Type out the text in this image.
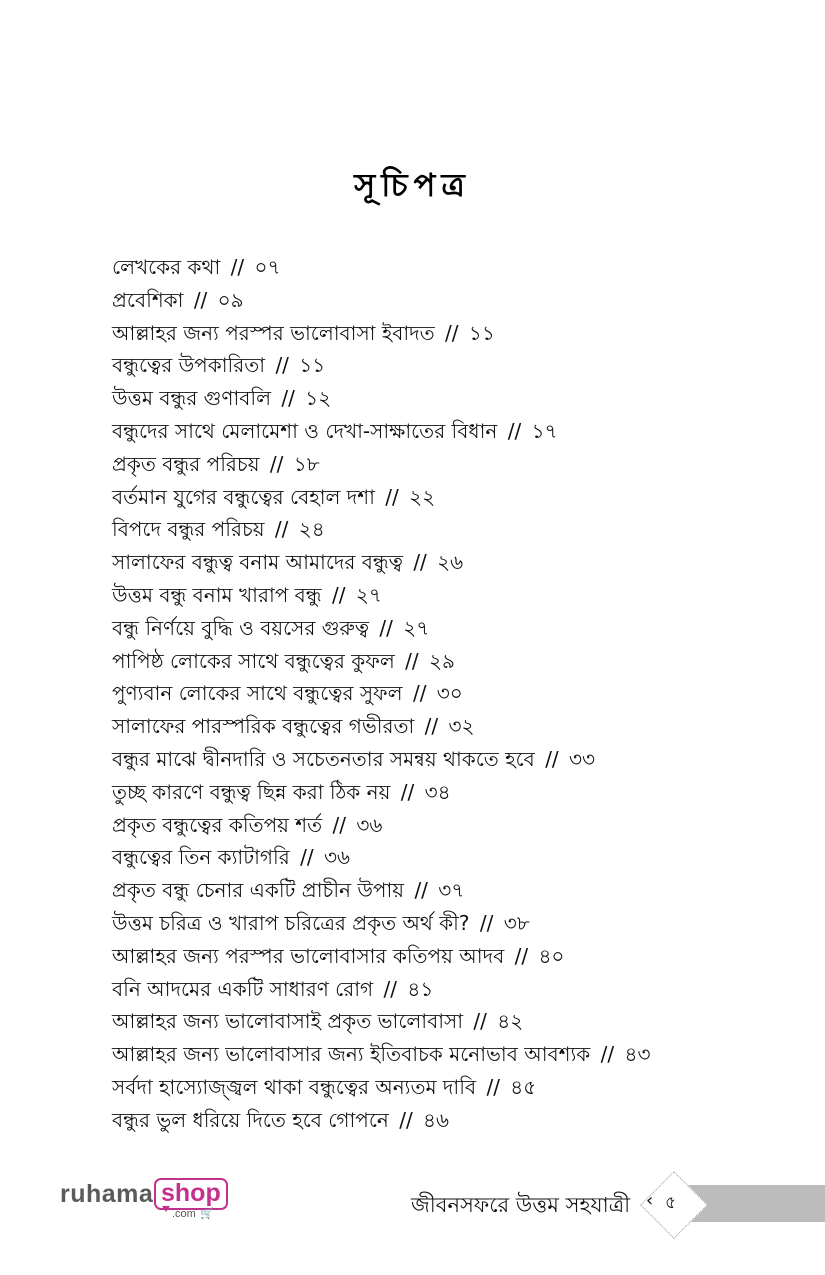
সূচিপত্র
লেখকের কথা // ০৭
প্রবেশিকা // ০৯
আল্লাহর জন্য পরস্পর ভালোবাসা ইবাদত // ১১
বন্ধুত্বের উপকারিতা // ১১
উত্তম বন্ধুর গুণাবলি // ১২
বন্ধুদের সাথে মেলামেশা ও দেখা-সাক্ষাতের বিধান // ১৭
প্রকৃত বন্ধুর পরিচয় // ১৮
বর্তমান যুগের বন্ধুত্বের বেহাল দশা // ২২
বিপদে বন্ধুর পরিচয় // ২৪
সালাফের বন্ধুত্ব বনাম আমাদের বন্ধুত্ব // ২৬
উত্তম বন্ধু বনাম খারাপ বন্ধু // ২৭
বন্ধু নির্ণয়ে বুদ্ধি ও বয়সের গুরুত্ব // ২৭
পাপিষ্ঠ লোকের সাথে বন্ধুত্বের কুফল // ২৯
পুণ্যবান লোকের সাথে বন্ধুত্বের সুফল // ৩০
সালাফের পারস্পরিক বন্ধুত্বের গভীরতা // ৩২
বন্ধুর মাঝে দ্বীনদারি ও সচেতনতার সমন্বয় থাকতে হবে // ৩৩
তুচ্ছ কারণে বন্ধুত্ব ছিন্ন করা ঠিক নয় // ৩৪
প্রকৃত বন্ধুত্বের কতিপয় শর্ত // ৩৬
বন্ধুত্বের তিন ক্যাটাগরি // ৩৬
প্রকৃত বন্ধু চেনার একটি প্রাচীন উপায় // ৩৭
উত্তম চরিত্র ও খারাপ চরিত্রের প্রকৃত অর্থ কী? // ৩৮
আল্লাহর জন্য পরস্পর ভালোবাসার কতিপয় আদব // ৪০
বনি আদমের একটি সাধারণ রোগ // ৪১
আল্লাহর জন্য ভালোবাসাই প্রকৃত ভালোবাসা // ৪২
আল্লাহর জন্য ভালোবাসার জন্য ইতিবাচক মনোভাব আবশ্যক // ৪৩
সর্বদা হাস্যোজ্জ্বল থাকা বন্ধুত্বের অন্যতম দাবি // ৪৫
বন্ধুর ভুল ধরিয়ে দিতে হবে গোপনে // ৪৬
ruhama shop
.com 🛒	জীবনসফরে উত্তম সহযাত্রী ‹ ৫
